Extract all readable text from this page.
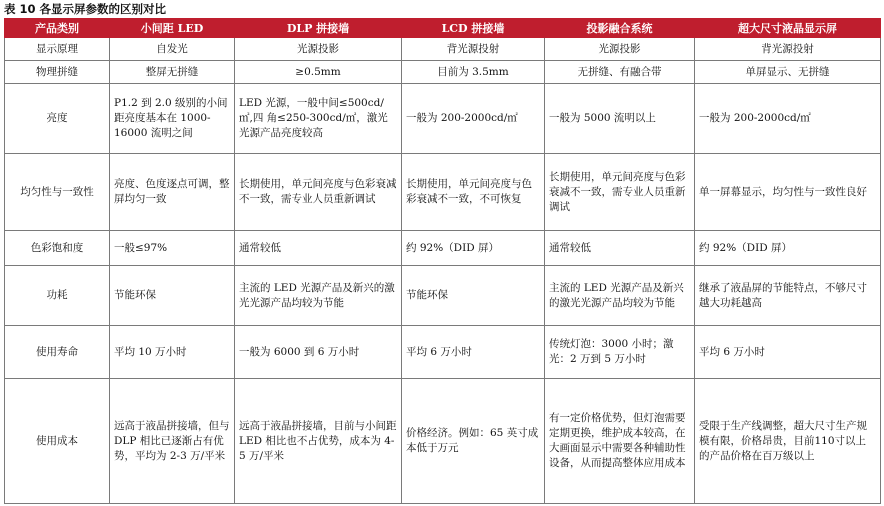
表 10 各显示屏参数的区别对比
产品类别	小间距 LED	DLP 拼接墙	LCD 拼接墙	投影融合系统	超大尺寸液晶显示屏
显示原理	自发光	光源投影	背光源投射	光源投影	背光源投射
物理拼缝	整屏无拼缝	≥0.5mm	目前为 3.5mm	无拼缝、有融合带	单屏显示、无拼缝
亮度	P1.2 到 2.0 级别的小间距亮度基本在 1000-16000 流明之间	LED 光源，一般中间≤500cd/㎡,四 角≤250-300cd/㎡，激光光源产品亮度较高	一般为 200-2000cd/㎡	一般为 5000 流明以上	一般为 200-2000cd/㎡
均匀性与一致性	亮度、色度逐点可调，整屏均匀一致	长期使用，单元间亮度与色彩衰减不一致，需专业人员重新调试	长期使用，单元间亮度与色彩衰减不一致，不可恢复	长期使用，单元间亮度与色彩衰减不一致，需专业人员重新调试	单一屏幕显示，均匀性与一致性良好
色彩饱和度	一般≤97%	通常较低	约 92%（DID 屏）	通常较低	约 92%（DID 屏）
功耗	节能环保	主流的 LED 光源产品及新兴的激光光源产品均较为节能	节能环保	主流的 LED 光源产品及新兴的激光光源产品均较为节能	继承了液晶屏的节能特点，不够尺寸越大功耗越高
使用寿命	平均 10 万小时	一般为 6000 到 6 万小时	平均 6 万小时	传统灯泡：3000 小时；激光：2 万到 5 万小时	平均 6 万小时
使用成本	远高于液晶拼接墙，但与 DLP 相比已逐渐占有优势，平均为 2-3 万/平米	远高于液晶拼接墙，目前与小间距 LED 相比也不占优势，成本为 4-5 万/平米	价格经济。例如：65 英寸成本低于万元	有一定价格优势，但灯泡需要定期更换，维护成本较高，在大画面显示中需要各种辅助性设备，从而提高整体应用成本	受限于生产线调整，超大尺寸生产规模有限，价格昂贵，目前110寸以上的产品价格在百万级以上
